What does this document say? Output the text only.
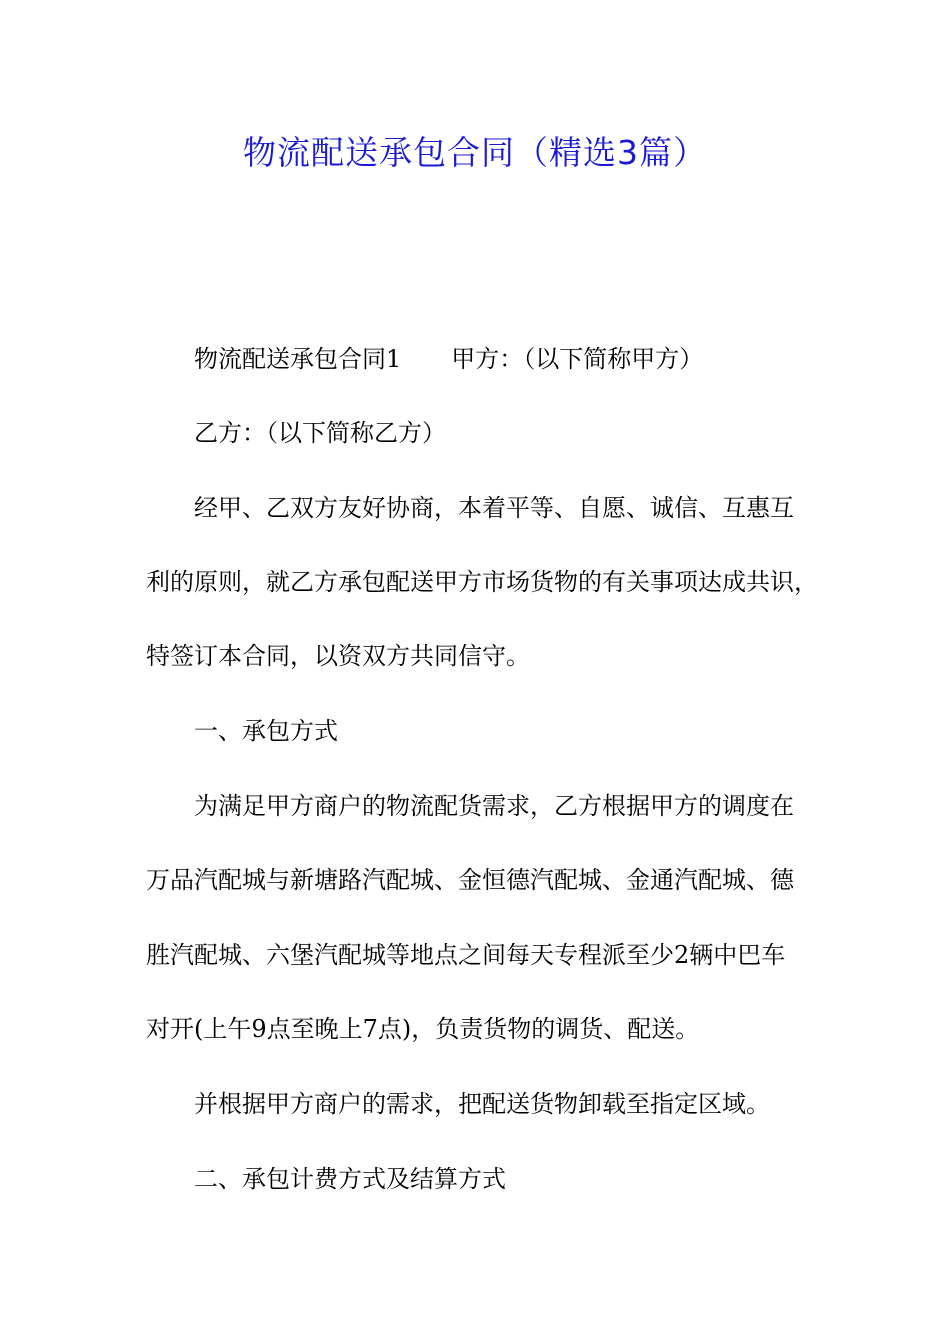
物流配送承包合同（精选3篇）

物流配送承包合同1 甲方：（以下简称甲方）

乙方：（以下简称乙方）

经甲、乙双方友好协商，本着平等、自愿、诚信、互惠互

利的原则，就乙方承包配送甲方市场货物的有关事项达成共识，

特签订本合同，以资双方共同信守。

一、承包方式

为满足甲方商户的物流配货需求，乙方根据甲方的调度在

万品汽配城与新塘路汽配城、金恒德汽配城、金通汽配城、德

胜汽配城、六堡汽配城等地点之间每天专程派至少2辆中巴车

对开(上午9点至晚上7点)，负责货物的调货、配送。

并根据甲方商户的需求，把配送货物卸载至指定区域。

二、承包计费方式及结算方式
